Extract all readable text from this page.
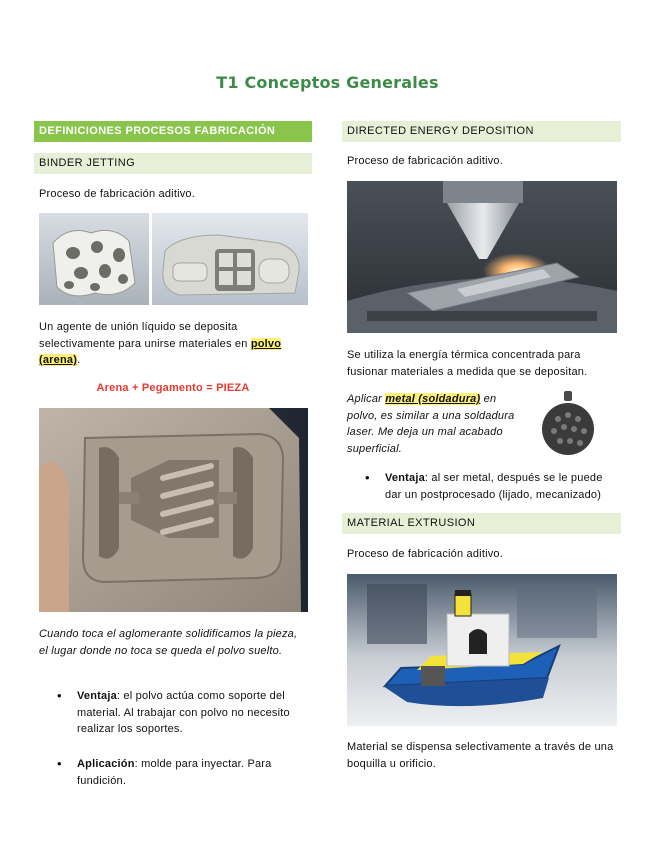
T1 Conceptos Generales
DEFINICIONES PROCESOS FABRICACIÓN
BINDER JETTING
Proceso de fabricación aditivo.
Un agente de unión líquido se deposita selectivamente para unirse materiales en polvo (arena).
Arena + Pegamento = PIEZA
Cuando toca el aglomerante solidificamos la pieza, el lugar donde no toca se queda el polvo suelto.
• Ventaja: el polvo actúa como soporte del material. Al trabajar con polvo no necesito realizar los soportes.
• Aplicación: molde para inyectar. Para fundición.
DIRECTED ENERGY DEPOSITION
Proceso de fabricación aditivo.
Se utiliza la energía térmica concentrada para fusionar materiales a medida que se depositan.
Aplicar metal (soldadura) en polvo, es similar a una soldadura laser. Me deja un mal acabado superficial.
• Ventaja: al ser metal, después se le puede dar un postprocesado (lijado, mecanizado)
MATERIAL EXTRUSION
Proceso de fabricación aditivo.
Material se dispensa selectivamente a través de una boquilla u orificio.
